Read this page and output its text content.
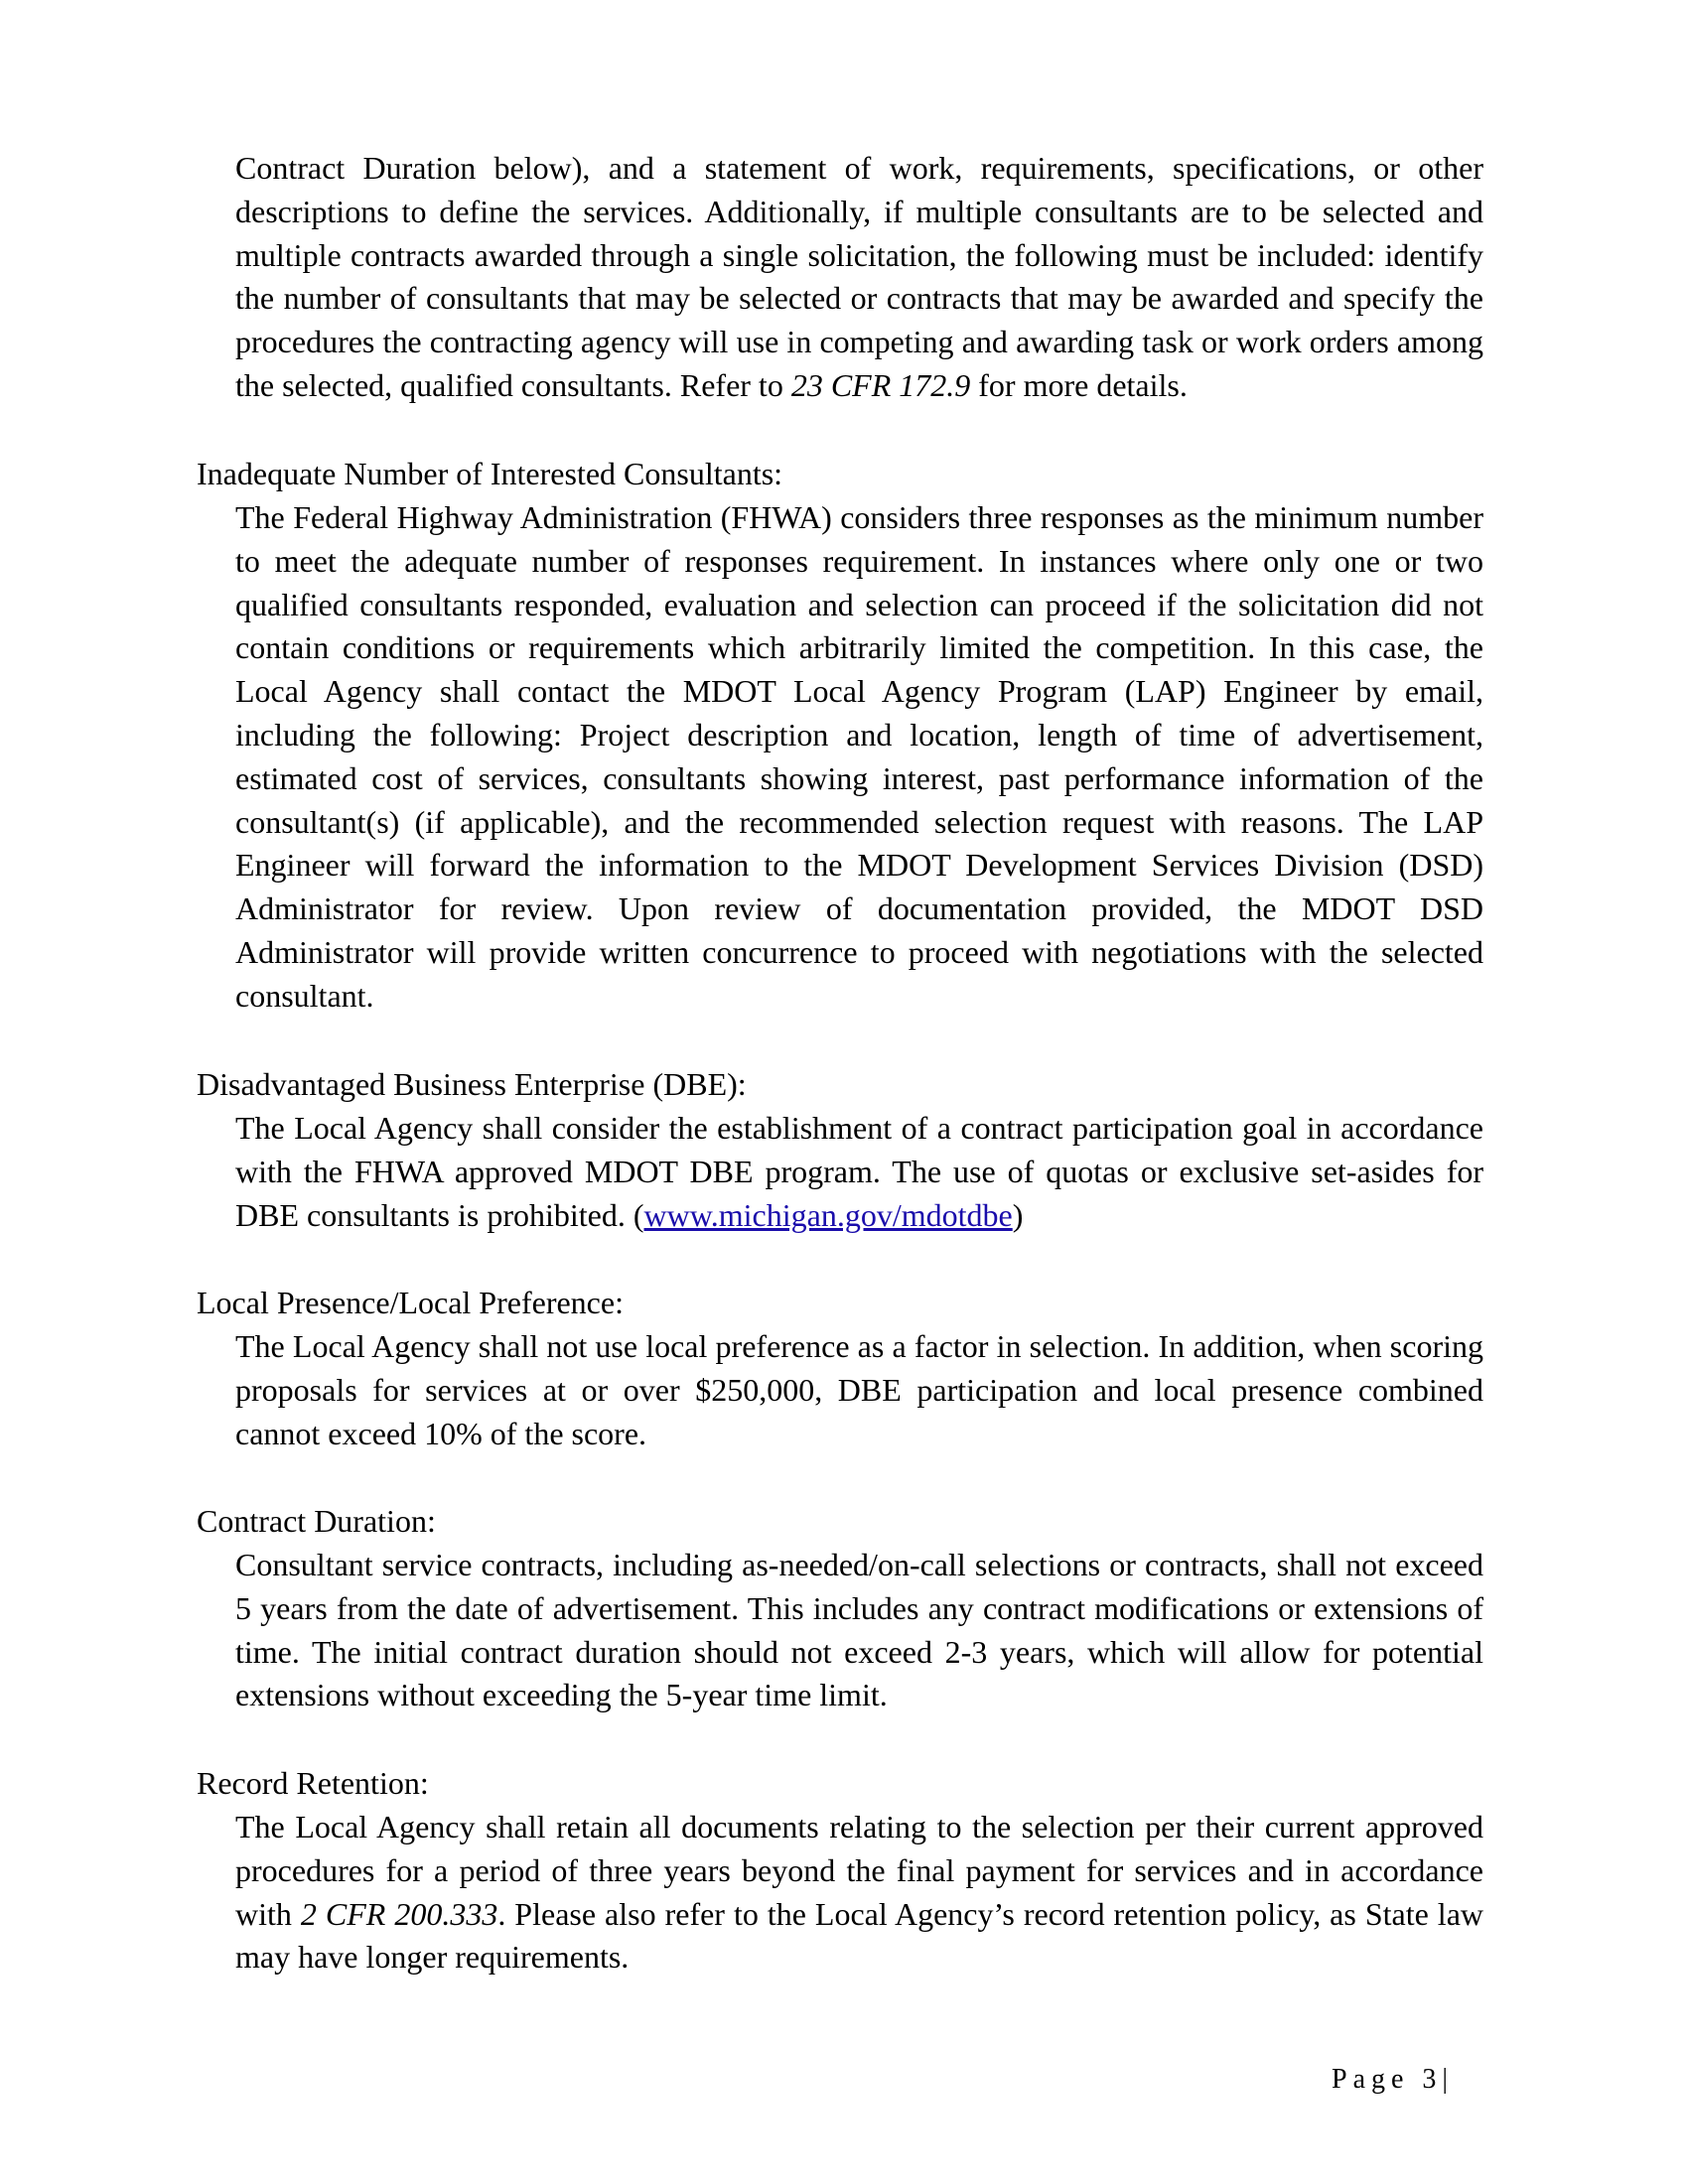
Contract Duration below), and a statement of work, requirements, specifications, or other descriptions to define the services. Additionally, if multiple consultants are to be selected and multiple contracts awarded through a single solicitation, the following must be included: identify the number of consultants that may be selected or contracts that may be awarded and specify the procedures the contracting agency will use in competing and awarding task or work orders among the selected, qualified consultants. Refer to 23 CFR 172.9 for more details.
Inadequate Number of Interested Consultants:
The Federal Highway Administration (FHWA) considers three responses as the minimum number to meet the adequate number of responses requirement. In instances where only one or two qualified consultants responded, evaluation and selection can proceed if the solicitation did not contain conditions or requirements which arbitrarily limited the competition. In this case, the Local Agency shall contact the MDOT Local Agency Program (LAP) Engineer by email, including the following: Project description and location, length of time of advertisement, estimated cost of services, consultants showing interest, past performance information of the consultant(s) (if applicable), and the recommended selection request with reasons. The LAP Engineer will forward the information to the MDOT Development Services Division (DSD) Administrator for review. Upon review of documentation provided, the MDOT DSD Administrator will provide written concurrence to proceed with negotiations with the selected consultant.
Disadvantaged Business Enterprise (DBE):
The Local Agency shall consider the establishment of a contract participation goal in accordance with the FHWA approved MDOT DBE program. The use of quotas or exclusive set-asides for DBE consultants is prohibited. (www.michigan.gov/mdotdbe)
Local Presence/Local Preference:
The Local Agency shall not use local preference as a factor in selection. In addition, when scoring proposals for services at or over $250,000, DBE participation and local presence combined cannot exceed 10% of the score.
Contract Duration:
Consultant service contracts, including as-needed/on-call selections or contracts, shall not exceed 5 years from the date of advertisement. This includes any contract modifications or extensions of time. The initial contract duration should not exceed 2-3 years, which will allow for potential extensions without exceeding the 5-year time limit.
Record Retention:
The Local Agency shall retain all documents relating to the selection per their current approved procedures for a period of three years beyond the final payment for services and in accordance with 2 CFR 200.333. Please also refer to the Local Agency’s record retention policy, as State law may have longer requirements.
Page 3|
